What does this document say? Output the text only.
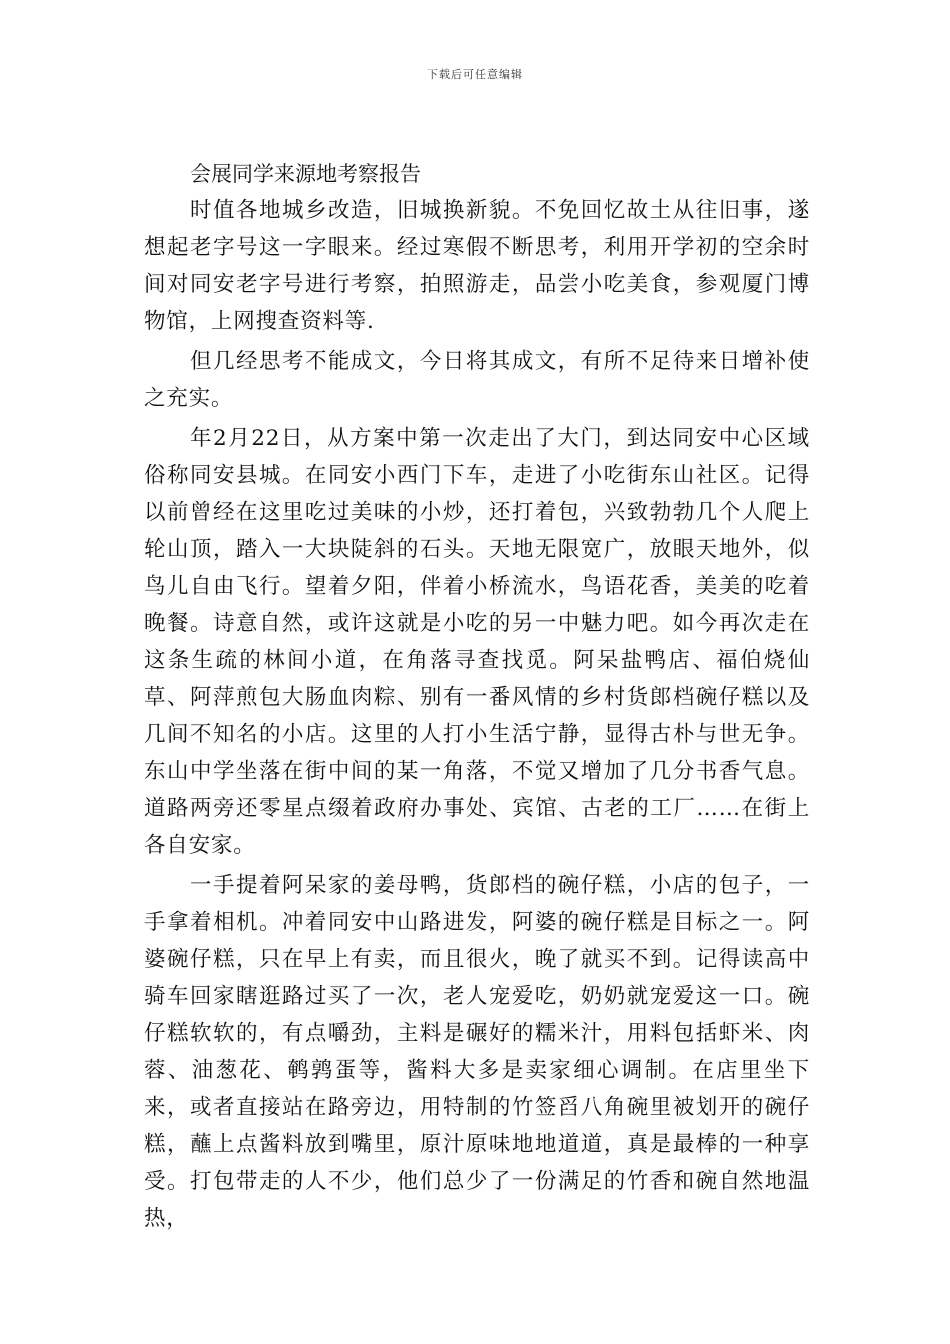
下载后可任意编辑

会展同学来源地考察报告

时值各地城乡改造，旧城换新貌。不免回忆故土从往旧事，遂想起老字号这一字眼来。经过寒假不断思考，利用开学初的空余时间对同安老字号进行考察，拍照游走，品尝小吃美食，参观厦门博物馆，上网搜查资料等.

但几经思考不能成文，今日将其成文，有所不足待来日增补使之充实。

年2月22日，从方案中第一次走出了大门，到达同安中心区域俗称同安县城。在同安小西门下车，走进了小吃街东山社区。记得以前曾经在这里吃过美味的小炒，还打着包，兴致勃勃几个人爬上轮山顶，踏入一大块陡斜的石头。天地无限宽广，放眼天地外，似鸟儿自由飞行。望着夕阳，伴着小桥流水，鸟语花香，美美的吃着晚餐。诗意自然，或许这就是小吃的另一中魅力吧。如今再次走在这条生疏的林间小道，在角落寻查找觅。阿呆盐鸭店、福伯烧仙草、阿萍煎包大肠血肉粽、别有一番风情的乡村货郎档碗仔糕以及几间不知名的小店。这里的人打小生活宁静，显得古朴与世无争。东山中学坐落在街中间的某一角落，不觉又增加了几分书香气息。道路两旁还零星点缀着政府办事处、宾馆、古老的工厂……在街上各自安家。

一手提着阿呆家的姜母鸭，货郎档的碗仔糕，小店的包子，一手拿着相机。冲着同安中山路进发，阿婆的碗仔糕是目标之一。阿婆碗仔糕，只在早上有卖，而且很火，晚了就买不到。记得读高中骑车回家瞎逛路过买了一次，老人宠爱吃，奶奶就宠爱这一口。碗仔糕软软的，有点嚼劲，主料是碾好的糯米汁，用料包括虾米、肉蓉、油葱花、鹌鹑蛋等，酱料大多是卖家细心调制。在店里坐下来，或者直接站在路旁边，用特制的竹签舀八角碗里被划开的碗仔糕，蘸上点酱料放到嘴里，原汁原味地地道道，真是最棒的一种享受。打包带走的人不少，他们总少了一份满足的竹香和碗自然地温热，
